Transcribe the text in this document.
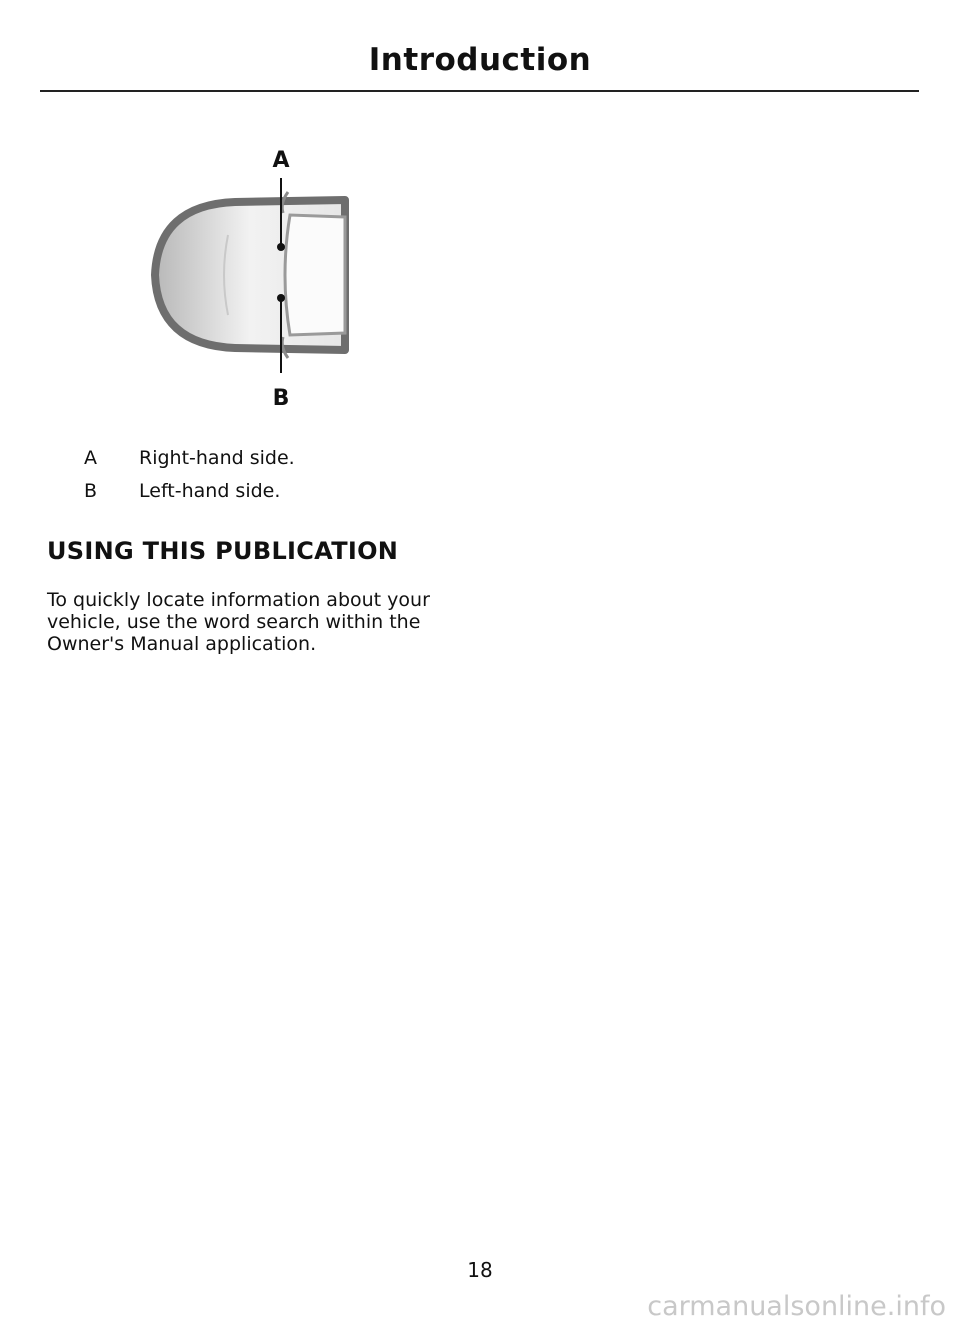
Introduction
A
B
A	Right-hand side.
B	Left-hand side.
USING THIS PUBLICATION
To quickly locate information about your vehicle, use the word search within the Owner's Manual application.
18
carmanualsonline.info
